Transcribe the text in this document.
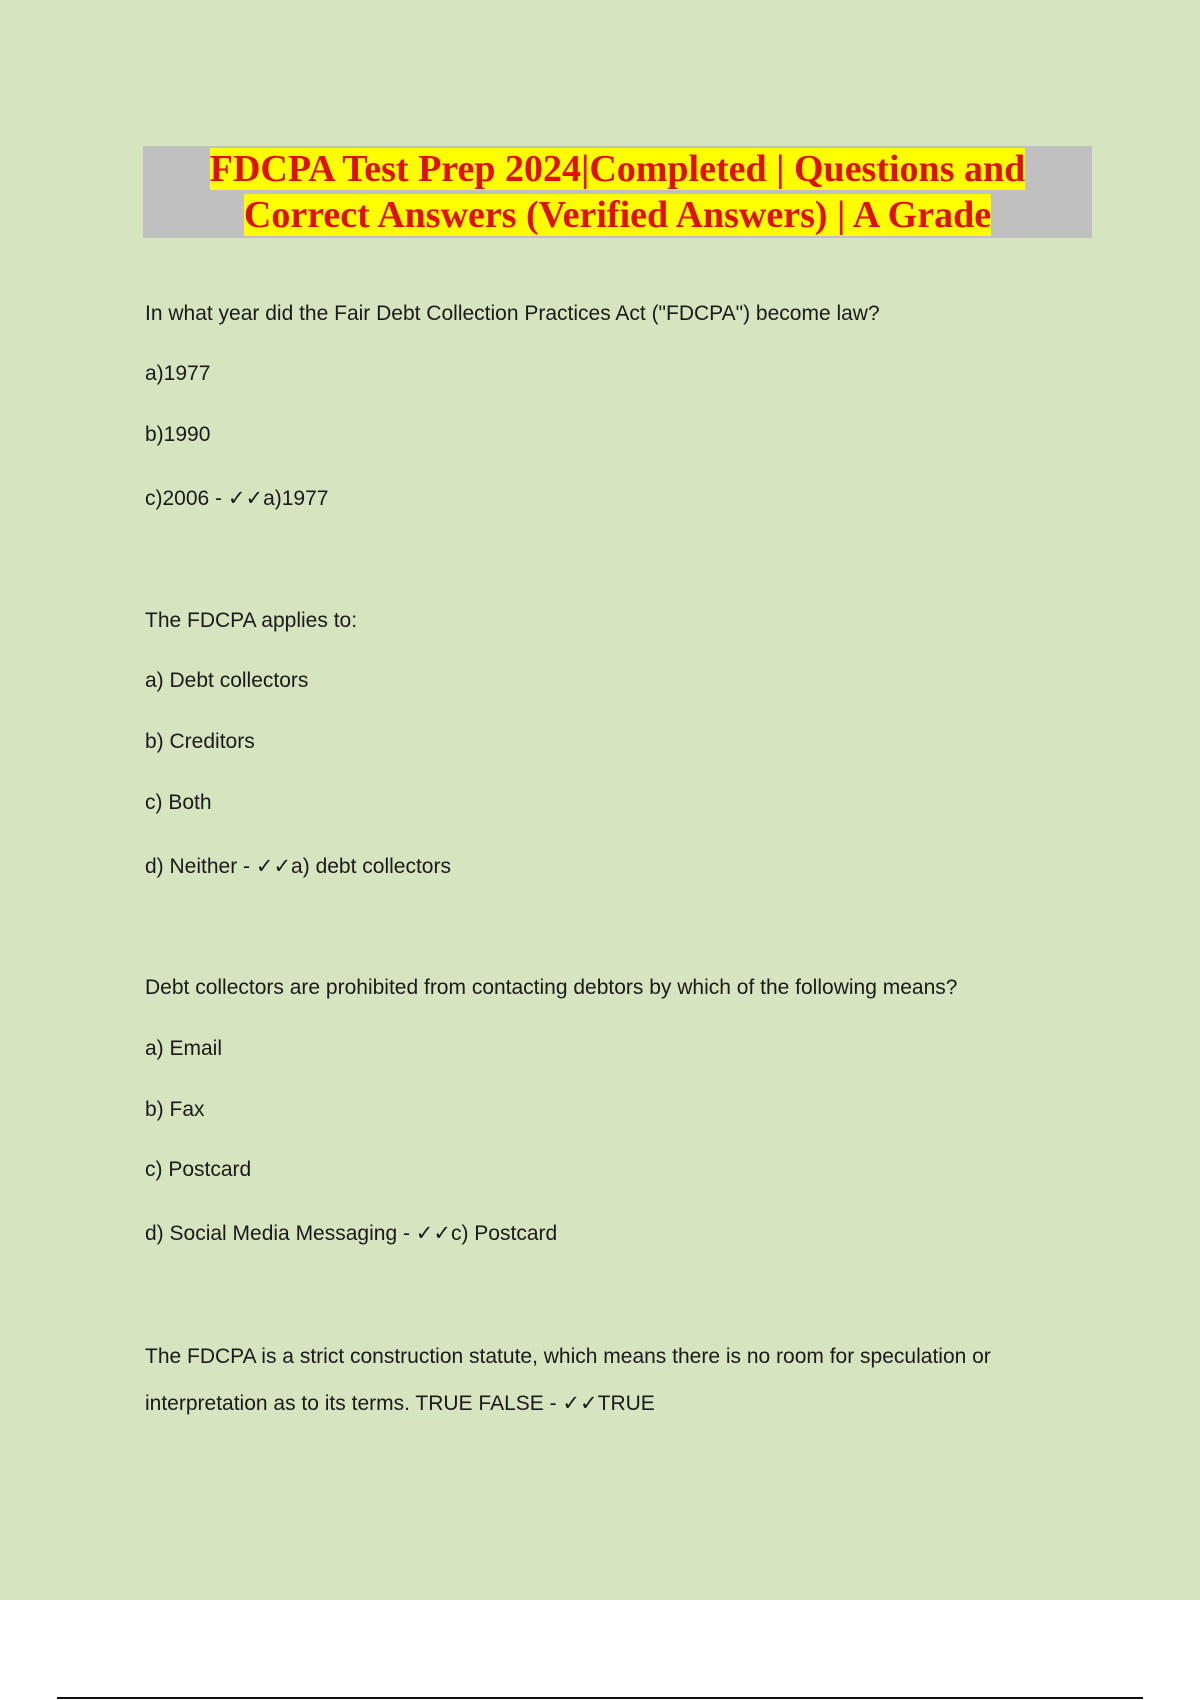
FDCPA Test Prep 2024|Completed | Questions and
Correct Answers (Verified Answers) | A Grade
In what year did the Fair Debt Collection Practices Act ("FDCPA") become law?
a)1977
b)1990
c)2006 - ✓✓a)1977
The FDCPA applies to:
a) Debt collectors
b) Creditors
c) Both
d) Neither - ✓✓a) debt collectors
Debt collectors are prohibited from contacting debtors by which of the following means?
a) Email
b) Fax
c) Postcard
d) Social Media Messaging - ✓✓c) Postcard
The FDCPA is a strict construction statute, which means there is no room for speculation or
interpretation as to its terms. TRUE FALSE - ✓✓TRUE
